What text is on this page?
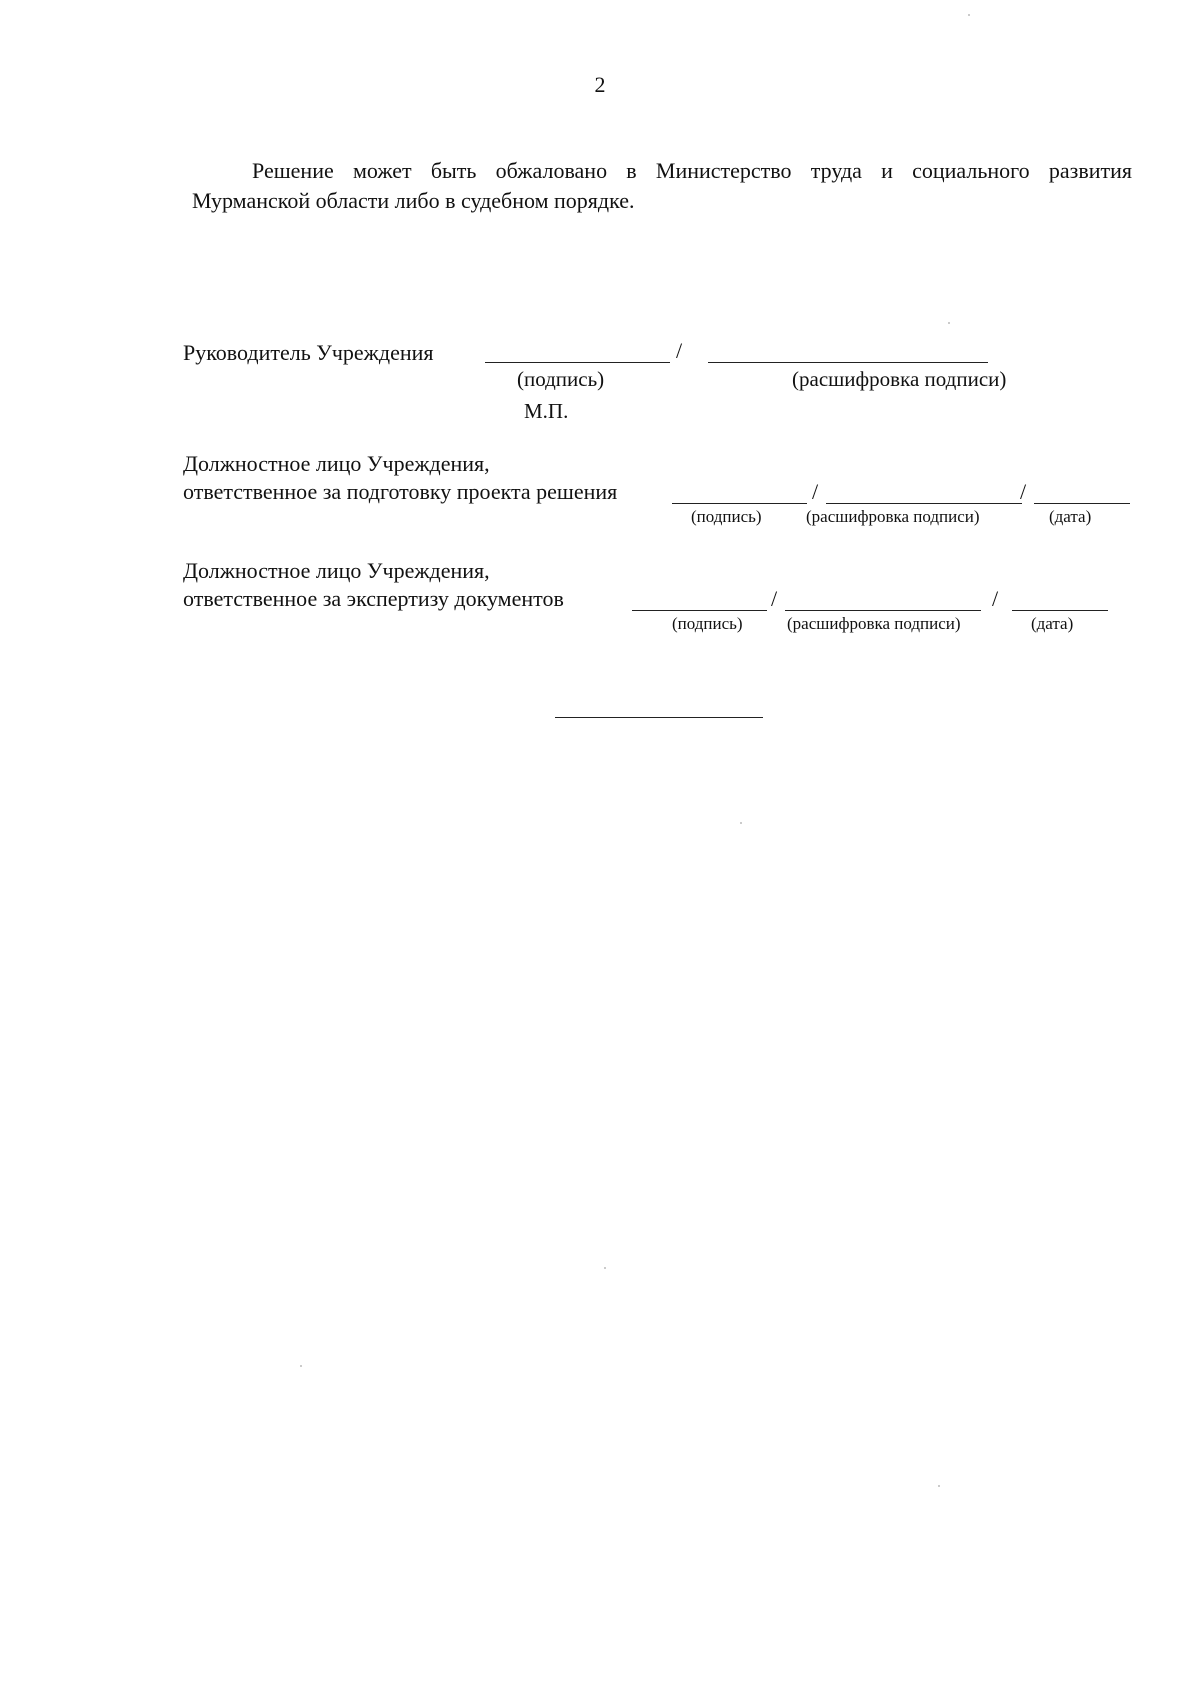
2
Решение может быть обжаловано в Министерство труда и социального развития Мурманской области либо в судебном порядке.
Руководитель Учреждения	/
(подпись)	(расшифровка подписи)
М.П.
Должностное лицо Учреждения,
ответственное за подготовку проекта решения	/	/
(подпись)	(расшифровка подписи)	(дата)
Должностное лицо Учреждения,
ответственное за экспертизу документов	/	/
(подпись)	(расшифровка подписи)	(дата)
